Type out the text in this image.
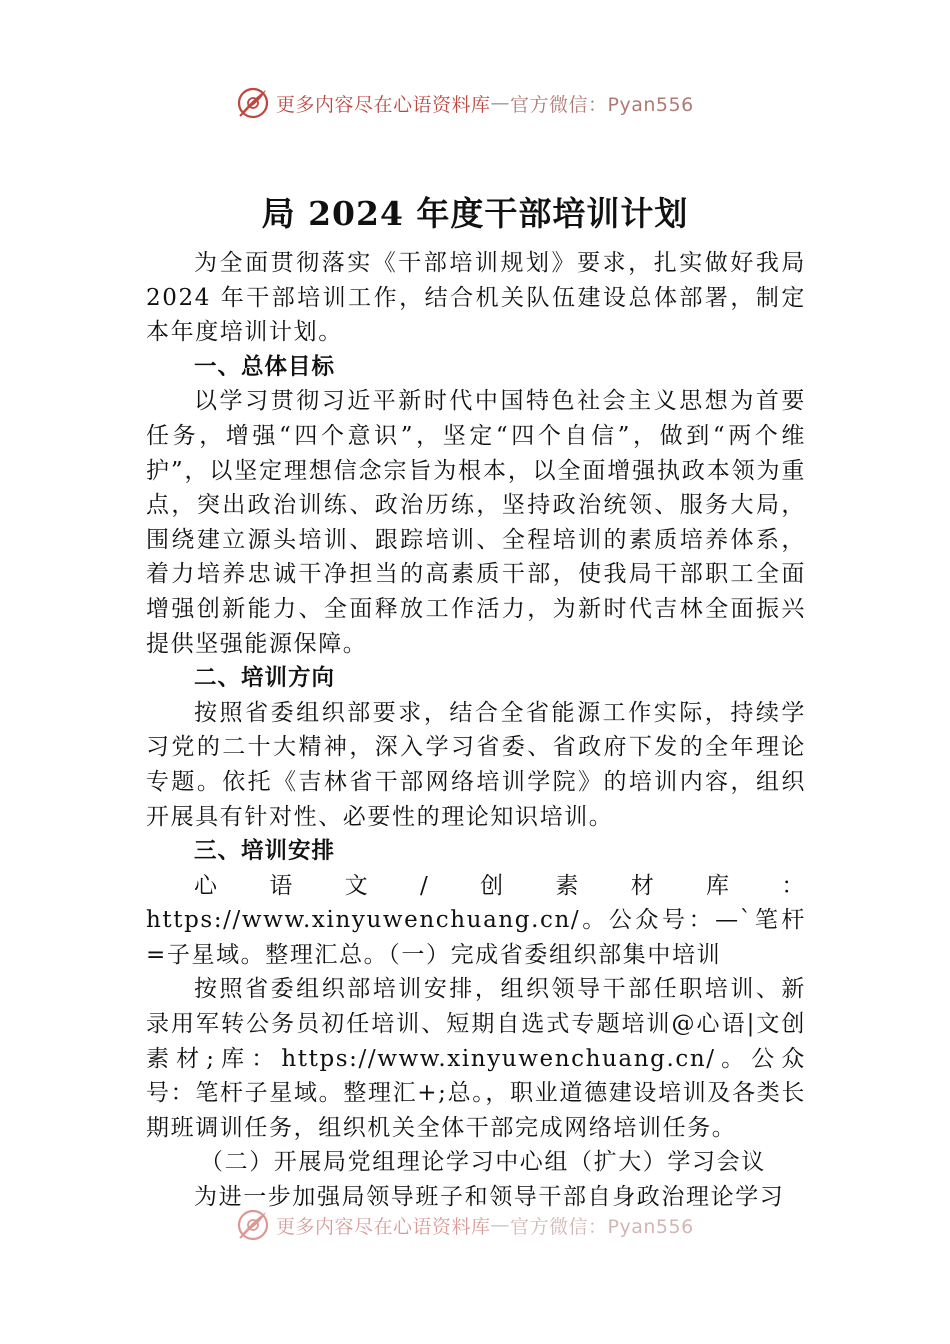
更多内容尽在心语资料库 — 官方微信：Pyan556
局 2024 年度干部培训计划

为全面贯彻落实《干部培训规划》要求，扎实做好我局 2024 年干部培训工作，结合机关队伍建设总体部署，制定本年度培训计划。

一、总体目标

以学习贯彻习近平新时代中国特色社会主义思想为首要任务，增强“四个意识”，坚定“四个自信”，做到“两个维护”，以坚定理想信念宗旨为根本，以全面增强执政本领为重点，突出政治训练、政治历练，坚持政治统领、服务大局，围绕建立源头培训、跟踪培训、全程培训的素质培养体系，着力培养忠诚干净担当的高素质干部，使我局干部职工全面增强创新能力、全面释放工作活力，为新时代吉林全面振兴提供坚强能源保障。

二、培训方向

按照省委组织部要求，结合全省能源工作实际，持续学习党的二十大精神，深入学习省委、省政府下发的全年理论专题。依托《吉林省干部网络培训学院》的培训内容，组织开展具有针对性、必要性的理论知识培训。

三、培训安排

心语文/创素材库：https://www.xinyuwenchuang.cn/。公众号：—`笔杆=子星域。整理汇总。（一）完成省委组织部集中培训

按照省委组织部培训安排，组织领导干部任职培训、新录用军转公务员初任培训、短期自选式专题培训@心语|文创素材;库：https://www.xinyuwenchuang.cn/。公众号：笔杆子星域。整理汇+;总。，职业道德建设培训及各类长期班调训任务，组织机关全体干部完成网络培训任务。

（二）开展局党组理论学习中心组（扩大）学习会议

为进一步加强局领导班子和领导干部自身政治理论学习

更多内容尽在心语资料库 — 官方微信：Pyan556
